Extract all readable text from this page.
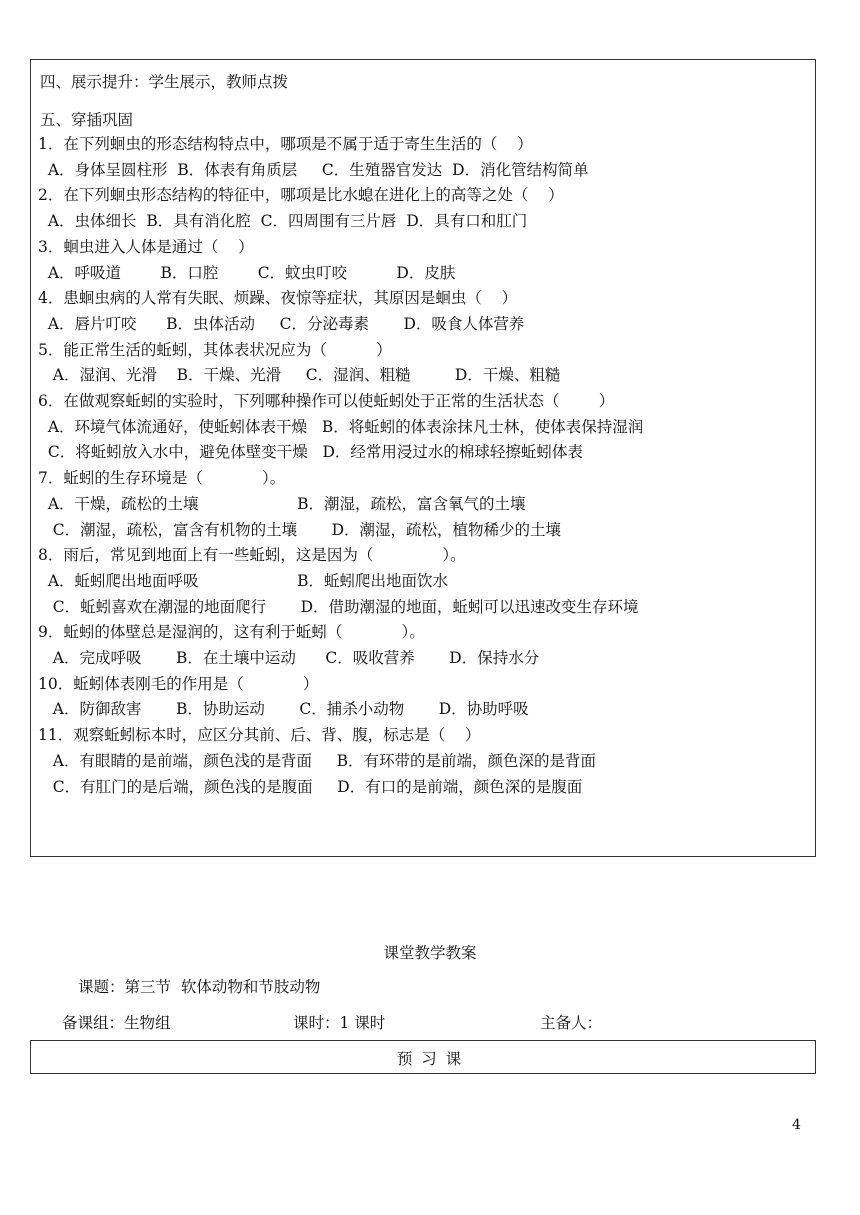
四、展示提升：学生展示，教师点拨
五、穿插巩固
1．在下列蛔虫的形态结构特点中，哪项是不属于适于寄生生活的（    ）
A．身体呈圆柱形  B．体表有角质层     C．生殖器官发达  D．消化管结构简单
2．在下列蛔虫形态结构的特征中，哪项是比水螅在进化上的高等之处（    ）
A．虫体细长  B．具有消化腔  C．四周围有三片唇  D．具有口和肛门
3．蛔虫进入人体是通过（    ）
A．呼吸道        B．口腔        C．蚊虫叮咬          D．皮肤
4．患蛔虫病的人常有失眠、烦躁、夜惊等症状，其原因是蛔虫（    ）
A．唇片叮咬      B．虫体活动     C．分泌毒素       D．吸食人体营养
5．能正常生活的蚯蚓，其体表状况应为（          ）
A．湿润、光滑    B．干燥、光滑     C．湿润、粗糙         D．干燥、粗糙
6．在做观察蚯蚓的实验时，下列哪种操作可以使蚯蚓处于正常的生活状态（        ）
A．环境气体流通好，使蚯蚓体表干燥   B．将蚯蚓的体表涂抹凡士林，使体表保持湿润
C．将蚯蚓放入水中，避免体壁变干燥   D．经常用浸过水的棉球轻擦蚯蚓体表
7．蚯蚓的生存环境是（            ）。
A．干燥，疏松的土壤                    B．潮湿，疏松，富含氧气的土壤
C．潮湿，疏松，富含有机物的土壤       D．潮湿，疏松，植物稀少的土壤
8．雨后，常见到地面上有一些蚯蚓，这是因为（              ）。
A．蚯蚓爬出地面呼吸                    B．蚯蚓爬出地面饮水
C．蚯蚓喜欢在潮湿的地面爬行       D．借助潮湿的地面，蚯蚓可以迅速改变生存环境
9．蚯蚓的体壁总是湿润的，这有利于蚯蚓（            ）。
A．完成呼吸       B．在土壤中运动      C．吸收营养       D．保持水分
10．蚯蚓体表刚毛的作用是（            ）
A．防御敌害       B．协助运动       C．捕杀小动物       D．协助呼吸
11．观察蚯蚓标本时，应区分其前、后、背、腹，标志是（    ）
A．有眼睛的是前端，颜色浅的是背面     B．有环带的是前端，颜色深的是背面
C．有肛门的是后端，颜色浅的是腹面     D．有口的是前端，颜色深的是腹面
课堂教学教案
课题：第三节  软体动物和节肢动物
备课组：生物组	课时：1 课时	主备人：
预 习 课
4
